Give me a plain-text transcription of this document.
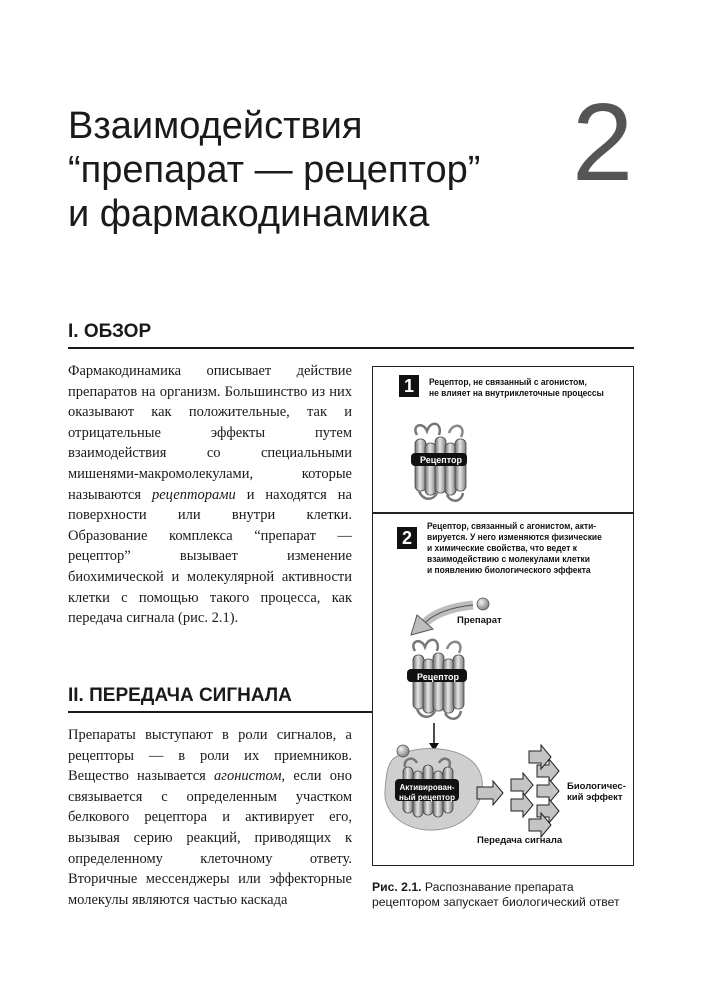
Взаимодействия
“препарат — рецептор”
и фармакодинамика
2
I. ОБЗОР

Фармакодинамика описывает действие препаратов на организм. Большинство из них оказывают как положительные, так и отрицательные эффекты путем взаимодействия со специальными мишенями-макромолекулами, которые называются рецепторами и находятся на поверхности или внутри клетки. Образование комплекса “препарат — рецептор” вызывает изменение биохимической и молекулярной активности клетки с помощью такого процесса, как передача сигнала (рис. 2.1).

II. ПЕРЕДАЧА СИГНАЛА

Препараты выступают в роли сигналов, а рецепторы — в роли их приемников. Вещество называется агонистом, если оно связывается с определенным участком белкового рецептора и активирует его, вызывая серию реакций, приводящих к определенному клеточному ответу. Вторичные мессенджеры или эффекторные молекулы являются частью каскада

1	Рецептор, не связанный с агонистом,
не влияет на внутриклеточные процессы
Рецептор
2
Рецептор, связанный с агонистом, акти-
вируется. У него изменяются физические
и химические свойства, что ведет к
взаимодействию с молекулами клетки
и появлению биологического эффекта
Препарат
Рецептор
Активирован-
ный рецептор
Биологичес-
кий эффект
Передача сигнала
Рис. 2.1. Распознавание препарата рецептором запускает биологический ответ
